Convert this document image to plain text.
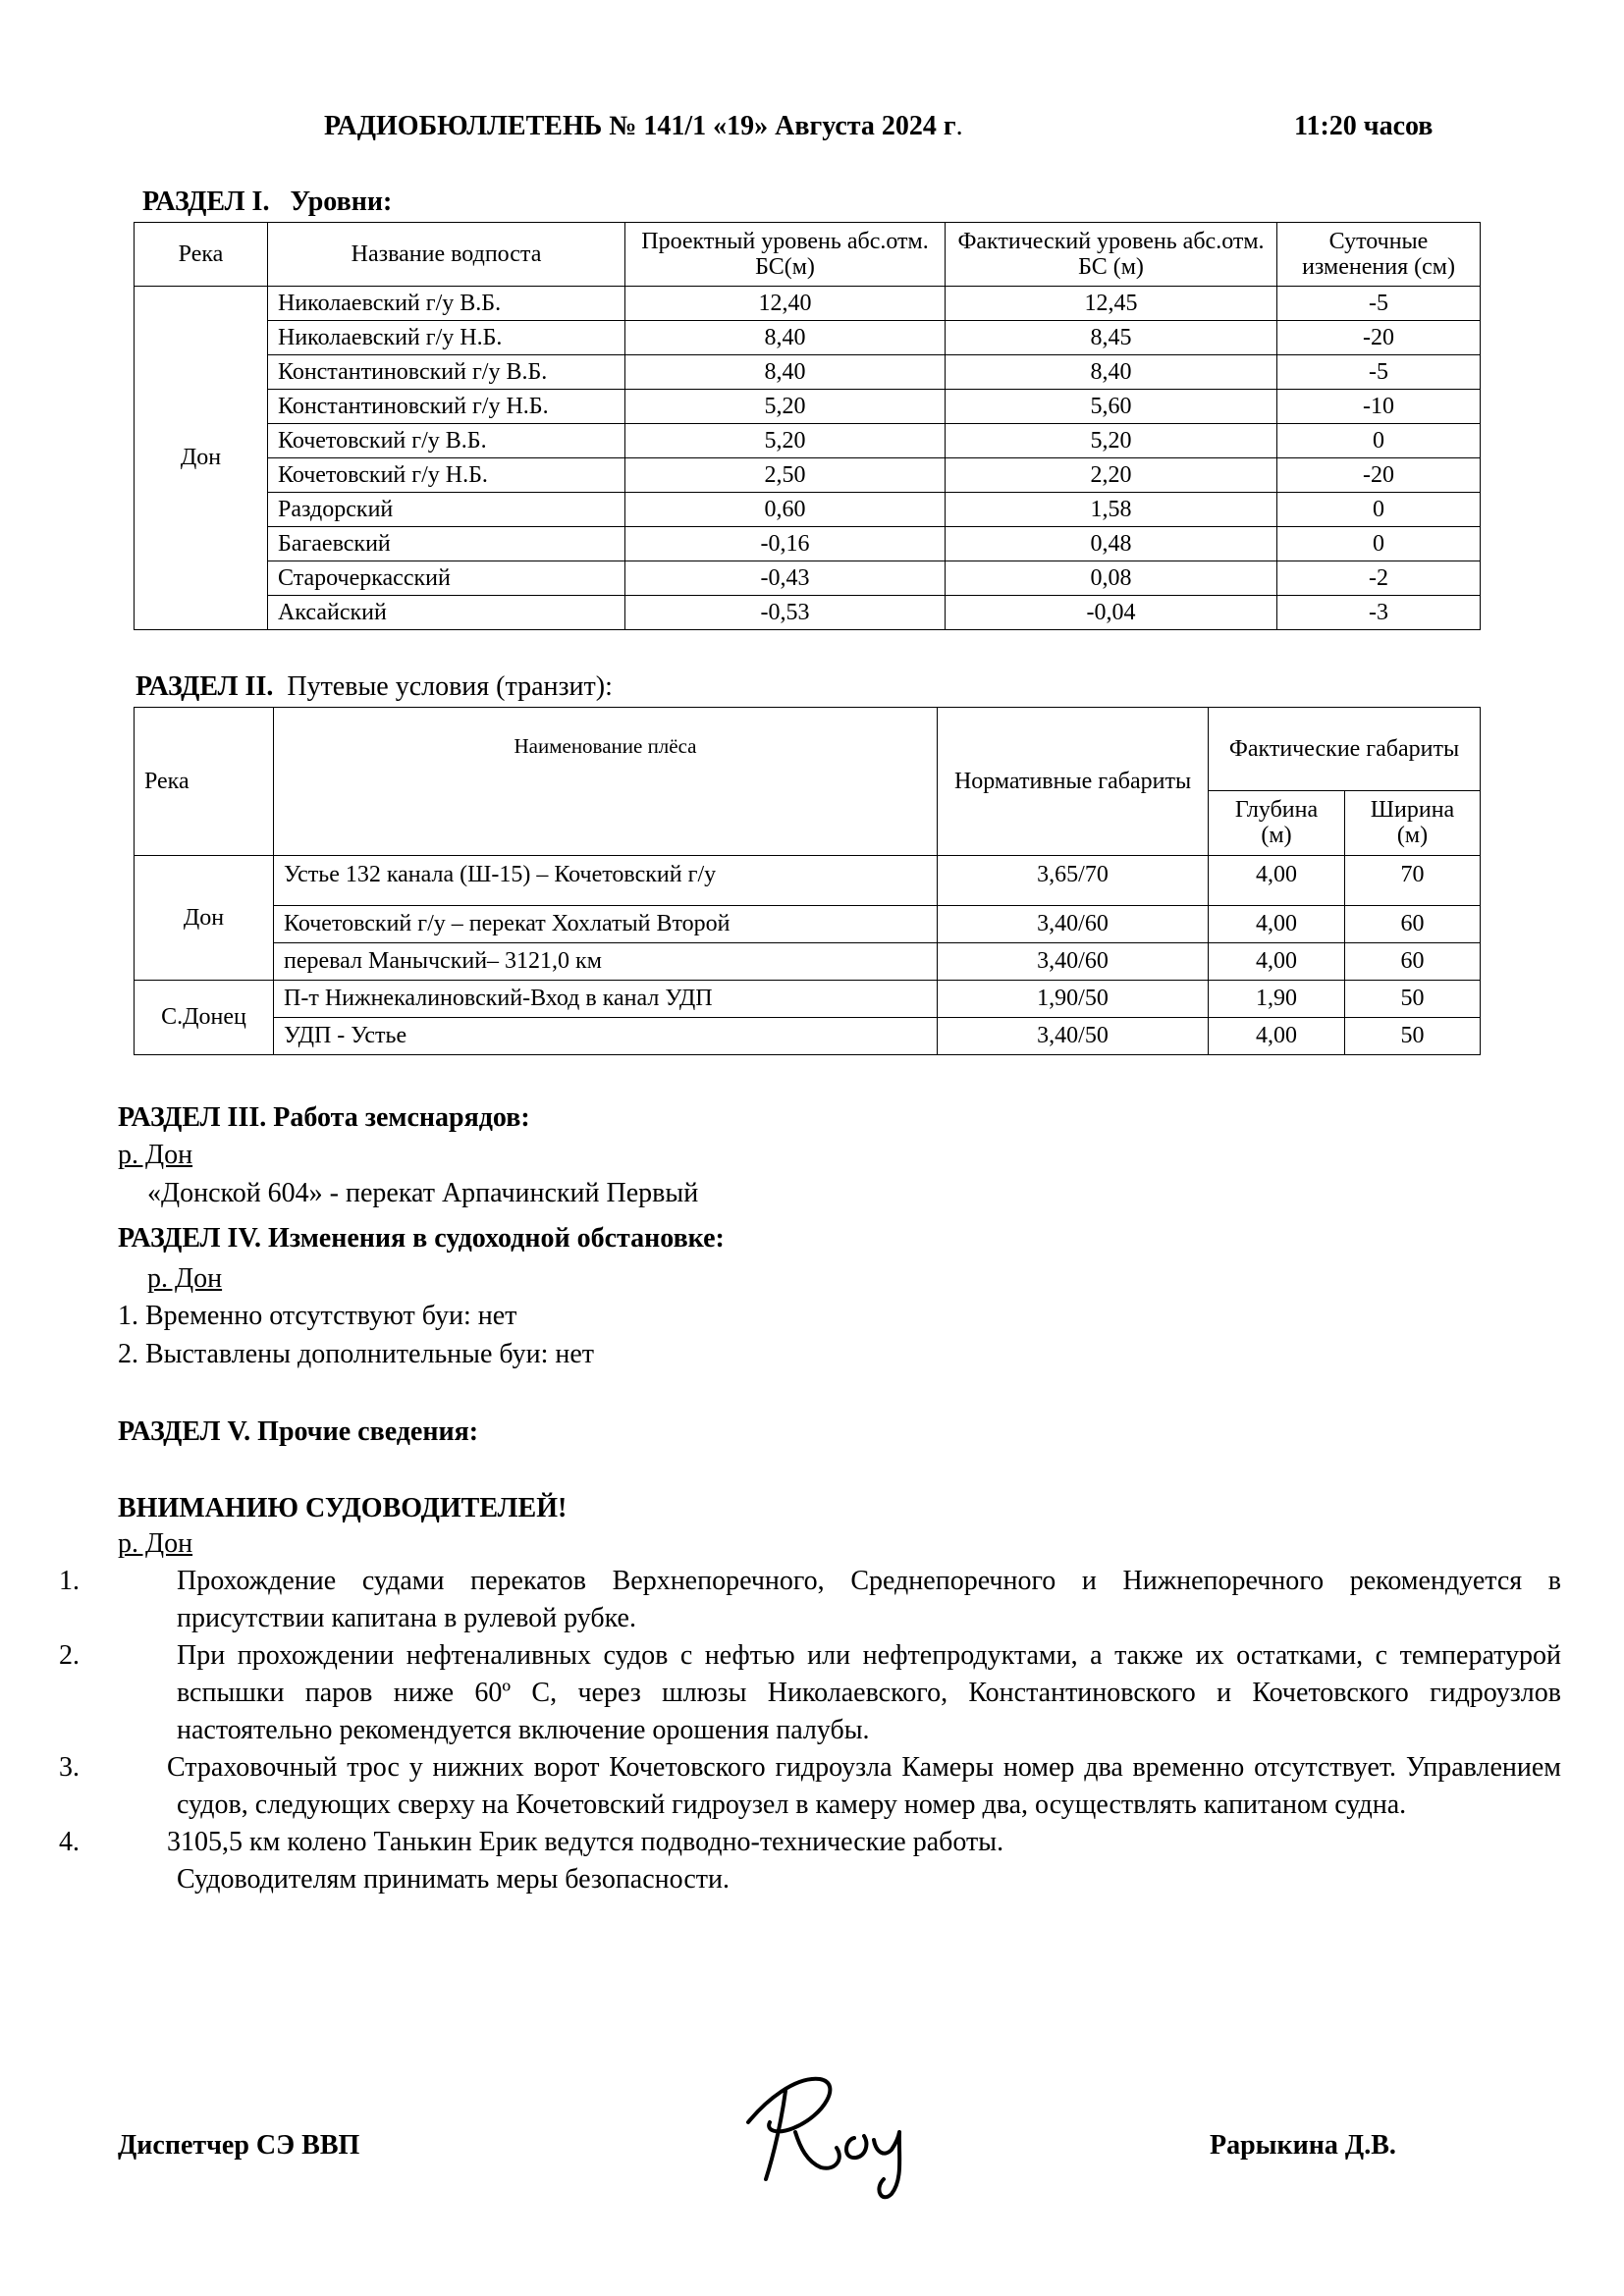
РАДИОБЮЛЛЕТЕНЬ № 141/1 «19» Августа 2024 г.	11:20 часов
РАЗДЕЛ I. Уровни:
Река	Название водпоста	Проектный уровень абс.отм. БС(м)	Фактический уровень абс.отм. БС (м)	Суточные изменения (см)
Дон	Николаевский г/у В.Б.	12,40	12,45	-5
	Николаевский г/у Н.Б.	8,40	8,45	-20
	Константиновский г/у В.Б.	8,40	8,40	-5
	Константиновский г/у Н.Б.	5,20	5,60	-10
	Кочетовский г/у В.Б.	5,20	5,20	0
	Кочетовский г/у Н.Б.	2,50	2,20	-20
	Раздорский	0,60	1,58	0
	Багаевский	-0,16	0,48	0
	Старочеркасский	-0,43	0,08	-2
	Аксайский	-0,53	-0,04	-3
РАЗДЕЛ II. Путевые условия (транзит):
Река	Наименование плёса	Нормативные габариты	Фактические габариты	
			Глубина (м)	Ширина (м)
Дон	Устье 132 канала (Ш-15) – Кочетовский г/у	3,65/70	4,00	70
	Кочетовский г/у – перекат Хохлатый Второй	3,40/60	4,00	60
	перевал Манычский– 3121,0 км	3,40/60	4,00	60
С.Донец	П-т Нижнекалиновский-Вход в канал УДП	1,90/50	1,90	50
	УДП - Устье	3,40/50	4,00	50
РАЗДЕЛ III. Работа земснарядов:
р. Дон
«Донской 604» - перекат Арпачинский Первый
РАЗДЕЛ IV. Изменения в судоходной обстановке:
р. Дон
1. Временно отсутствуют буи: нет
2. Выставлены дополнительные буи: нет
РАЗДЕЛ V. Прочие сведения:
ВНИМАНИЮ СУДОВОДИТЕЛЕЙ!
р. Дон
1.	Прохождение судами перекатов Верхнепоречного, Среднепоречного и Нижнепоречного рекомендуется в присутствии капитана в рулевой рубке.
2.	При прохождении нефтеналивных судов с нефтью или нефтепродуктами, а также их остатками, с температурой вспышки паров ниже 60º С, через шлюзы Николаевского, Константиновского и Кочетовского гидроузлов настоятельно рекомендуется включение орошения палубы.
3.	Страховочный трос у нижних ворот Кочетовского гидроузла Камеры номер два временно отсутствует. Управлением судов, следующих сверху на Кочетовский гидроузел в камеру номер два, осуществлять капитаном судна.
4.	3105,5 км колено Танькин Ерик ведутся подводно-технические работы.
Судоводителям принимать меры безопасности.
Диспетчер СЭ ВВП	Рарыкина Д.В.
